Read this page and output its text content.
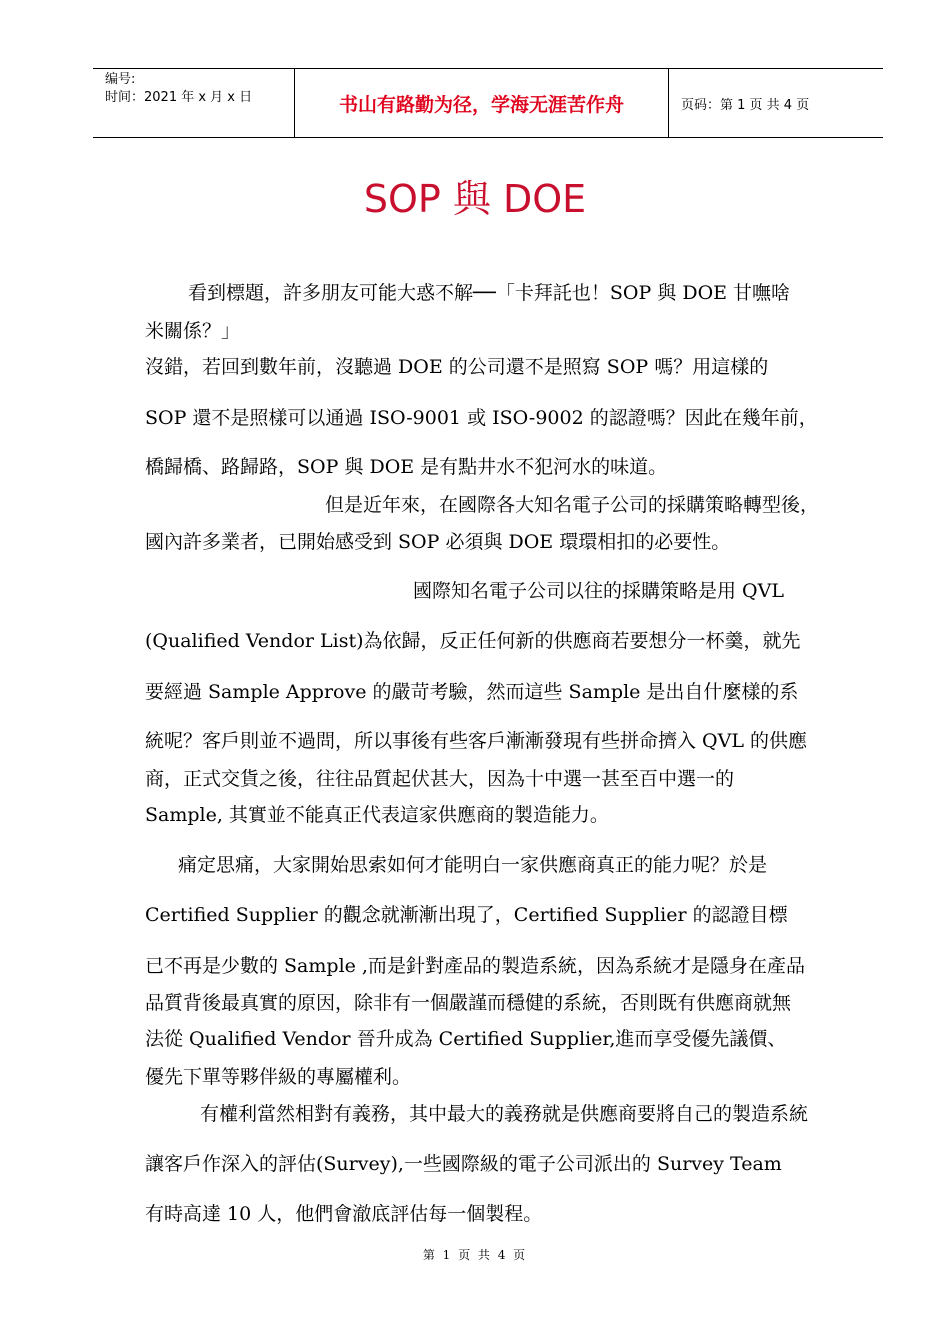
编号:
时间：2021 年 x 月 x 日	书山有路勤为径，学海无涯苦作舟	页码：第 1 页 共 4 页
SOP 與 DOE
看到標題，許多朋友可能大惑不解──「卡拜託也！SOP 與 DOE 甘嘸啥
米關係？」
沒錯，若回到數年前，沒聽過 DOE 的公司還不是照寫 SOP 嗎？用這樣的
SOP 還不是照樣可以通過 ISO-9001 或 ISO-9002 的認證嗎？因此在幾年前，
橋歸橋、路歸路，SOP 與 DOE 是有點井水不犯河水的味道。
但是近年來，在國際各大知名電子公司的採購策略轉型後，
國內許多業者，已開始感受到 SOP 必須與 DOE 環環相扣的必要性。
國際知名電子公司以往的採購策略是用 QVL
(Qualified Vendor List)為依歸，反正任何新的供應商若要想分一杯羹，就先
要經過 Sample Approve 的嚴苛考驗，然而這些 Sample 是出自什麼樣的系
統呢？客戶則並不過問，所以事後有些客戶漸漸發現有些拼命擠入 QVL 的供應
商，正式交貨之後，往往品質起伏甚大，因為十中選一甚至百中選一的
Sample, 其實並不能真正代表這家供應商的製造能力。
痛定思痛，大家開始思索如何才能明白一家供應商真正的能力呢？於是
Certified Supplier 的觀念就漸漸出現了，Certified Supplier 的認證目標
已不再是少數的 Sample ,而是針對產品的製造系統，因為系統才是隱身在產品
品質背後最真實的原因，除非有一個嚴謹而穩健的系統，否則既有供應商就無
法從 Qualified Vendor 晉升成為 Certified Supplier,進而享受優先議價、
優先下單等夥伴級的專屬權利。
有權利當然相對有義務，其中最大的義務就是供應商要將自己的製造系統
讓客戶作深入的評估(Survey),一些國際級的電子公司派出的 Survey Team
有時高達 10 人，他們會澈底評估每一個製程。
第 1 页 共 4 页
